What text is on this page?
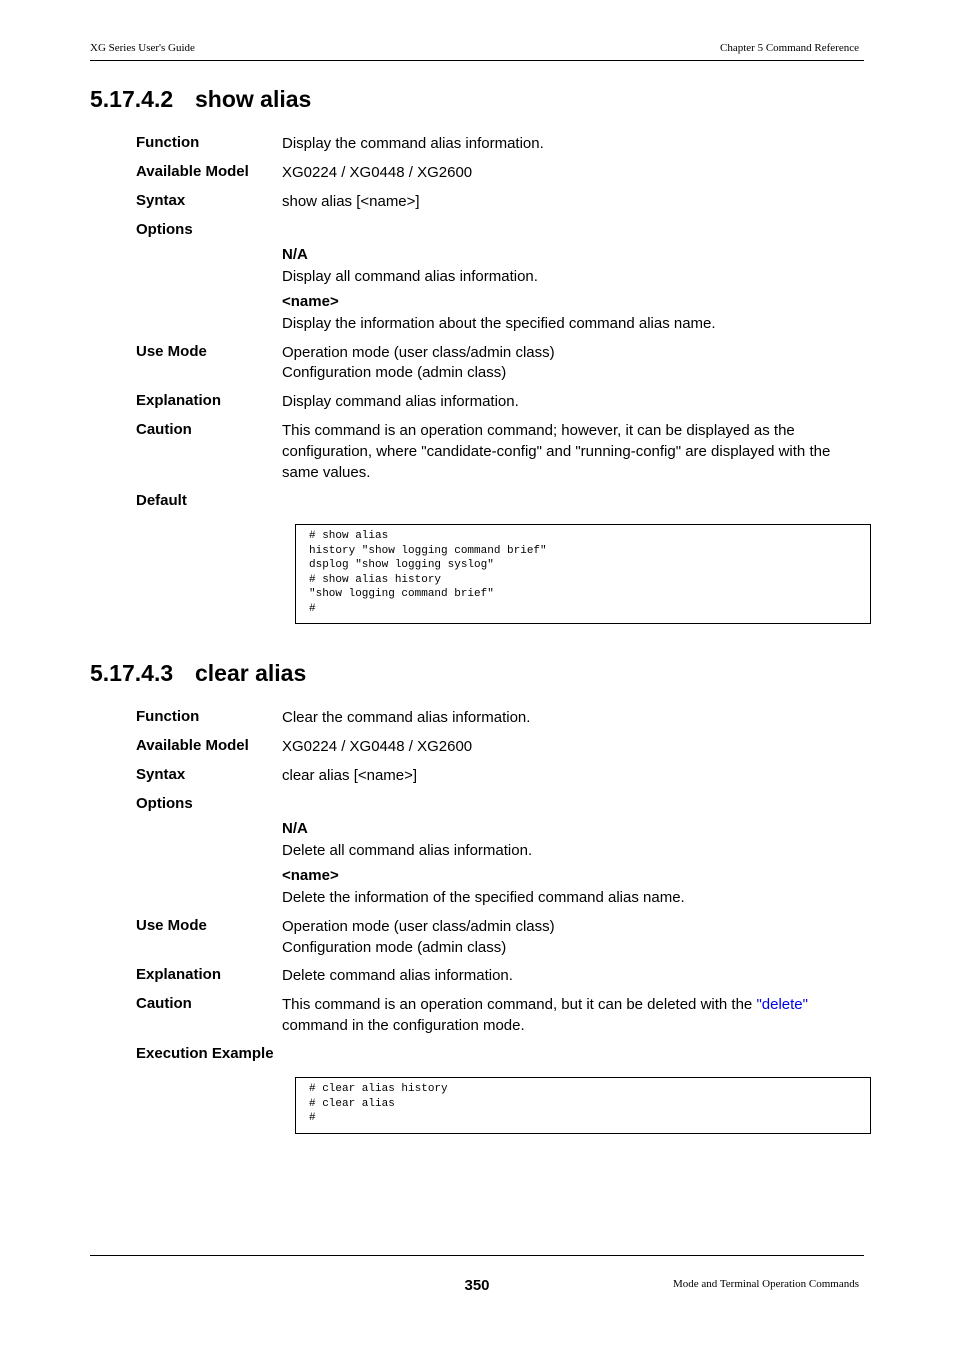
XG Series User's Guide	Chapter 5 Command Reference
5.17.4.2 show alias
Function	Display the command alias information.
Available Model XG0224 / XG0448 / XG2600
Syntax	show alias [<name>]
Options
N/A
Display all command alias information.
<name>
Display the information about the specified command alias name.
Use Mode	Operation mode (user class/admin class)
Configuration mode (admin class)
Explanation	Display command alias information.
Caution	This command is an operation command; however, it can be displayed as the configuration, where "candidate-config" and "running-config" are displayed with the same values.
Default
# show alias
history "show logging command brief"
dsplog "show logging syslog"
# show alias history
"show logging command brief"
#
5.17.4.3 clear alias
Function	Clear the command alias information.
Available Model XG0224 / XG0448 / XG2600
Syntax	clear alias [<name>]
Options
N/A
Delete all command alias information.
<name>
Delete the information of the specified command alias name.
Use Mode	Operation mode (user class/admin class)
Configuration mode (admin class)
Explanation	Delete command alias information.
Caution	This command is an operation command, but it can be deleted with the "delete"
command in the configuration mode.
Execution Example
# clear alias history
# clear alias
#
350	Mode and Terminal Operation Commands
